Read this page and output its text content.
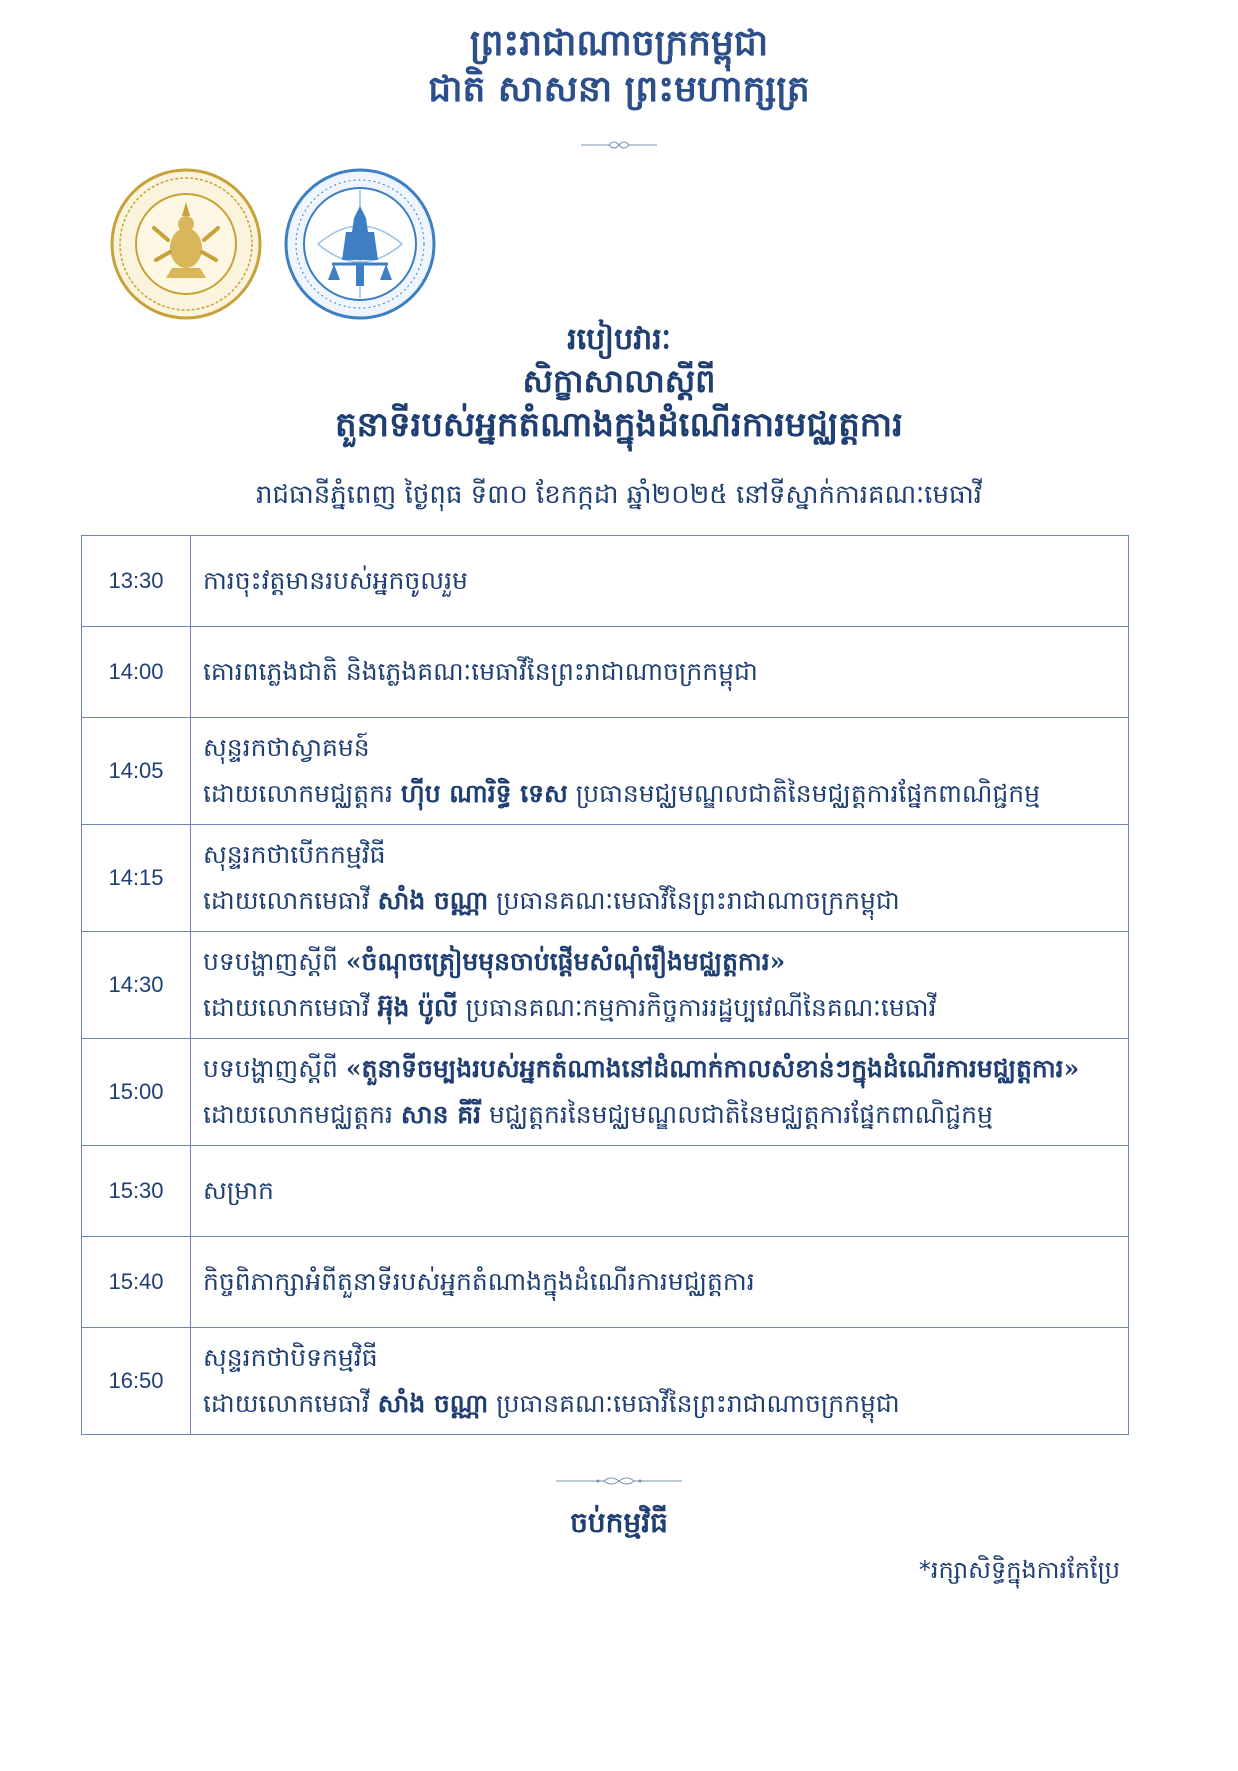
ព្រះរាជាណាចក្រកម្ពុជា
ជាតិ សាសនា ព្រះមហាក្សត្រ
របៀបវារៈ
សិក្ខាសាលាស្តីពី
តួនាទីរបស់អ្នកតំណាងក្នុងដំណើរការមជ្ឈត្តការ
រាជធានីភ្នំពេញ ថ្ងៃពុធ ទី៣០ ខែកក្កដា ឆ្នាំ២០២៥ នៅទីស្នាក់ការគណៈមេធាវី
13:30	ការចុះវត្តមានរបស់អ្នកចូលរួម
14:00	គោរពភ្លេងជាតិ និងភ្លេងគណៈមេធាវីនៃព្រះរាជាណាចក្រកម្ពុជា
14:05	សុន្ទរកថាស្វាគមន៍
ដោយលោកមជ្ឈត្តករ ហ៊ីប ណារិទ្ធិ ទេស ប្រធានមជ្ឈមណ្ឌលជាតិនៃមជ្ឈត្តការផ្នែកពាណិជ្ជកម្ម

14:15	សុន្ទរកថាបើកកម្មវិធី
ដោយលោកមេធាវី សាំង ចណ្ណា ប្រធានគណៈមេធាវីនៃព្រះរាជាណាចក្រកម្ពុជា

14:30	បទបង្ហាញស្តីពី «ចំណុចត្រៀមមុនចាប់ផ្តើមសំណុំរឿងមជ្ឈត្តការ»
ដោយលោកមេធាវី អ៊ុង ប៉ូលី ប្រធានគណៈកម្មការកិច្ចការរដ្ឋប្បវេណីនៃគណៈមេធាវី

15:00	បទបង្ហាញស្តីពី «តួនាទីចម្បងរបស់អ្នកតំណាងនៅដំណាក់កាលសំខាន់ៗក្នុងដំណើរការមជ្ឈត្តការ»
ដោយលោកមជ្ឈត្តករ សាន គីរី មជ្ឈត្តករនៃមជ្ឈមណ្ឌលជាតិនៃមជ្ឈត្តការផ្នែកពាណិជ្ជកម្ម

15:30	សម្រាក
15:40	កិច្ចពិភាក្សាអំពីតួនាទីរបស់អ្នកតំណាងក្នុងដំណើរការមជ្ឈត្តការ
16:50	សុន្ទរកថាបិទកម្មវិធី
ដោយលោកមេធាវី សាំង ចណ្ណា ប្រធានគណៈមេធាវីនៃព្រះរាជាណាចក្រកម្ពុជា
ចប់កម្មវិធី
*រក្សាសិទ្ធិក្នុងការកែប្រែ
